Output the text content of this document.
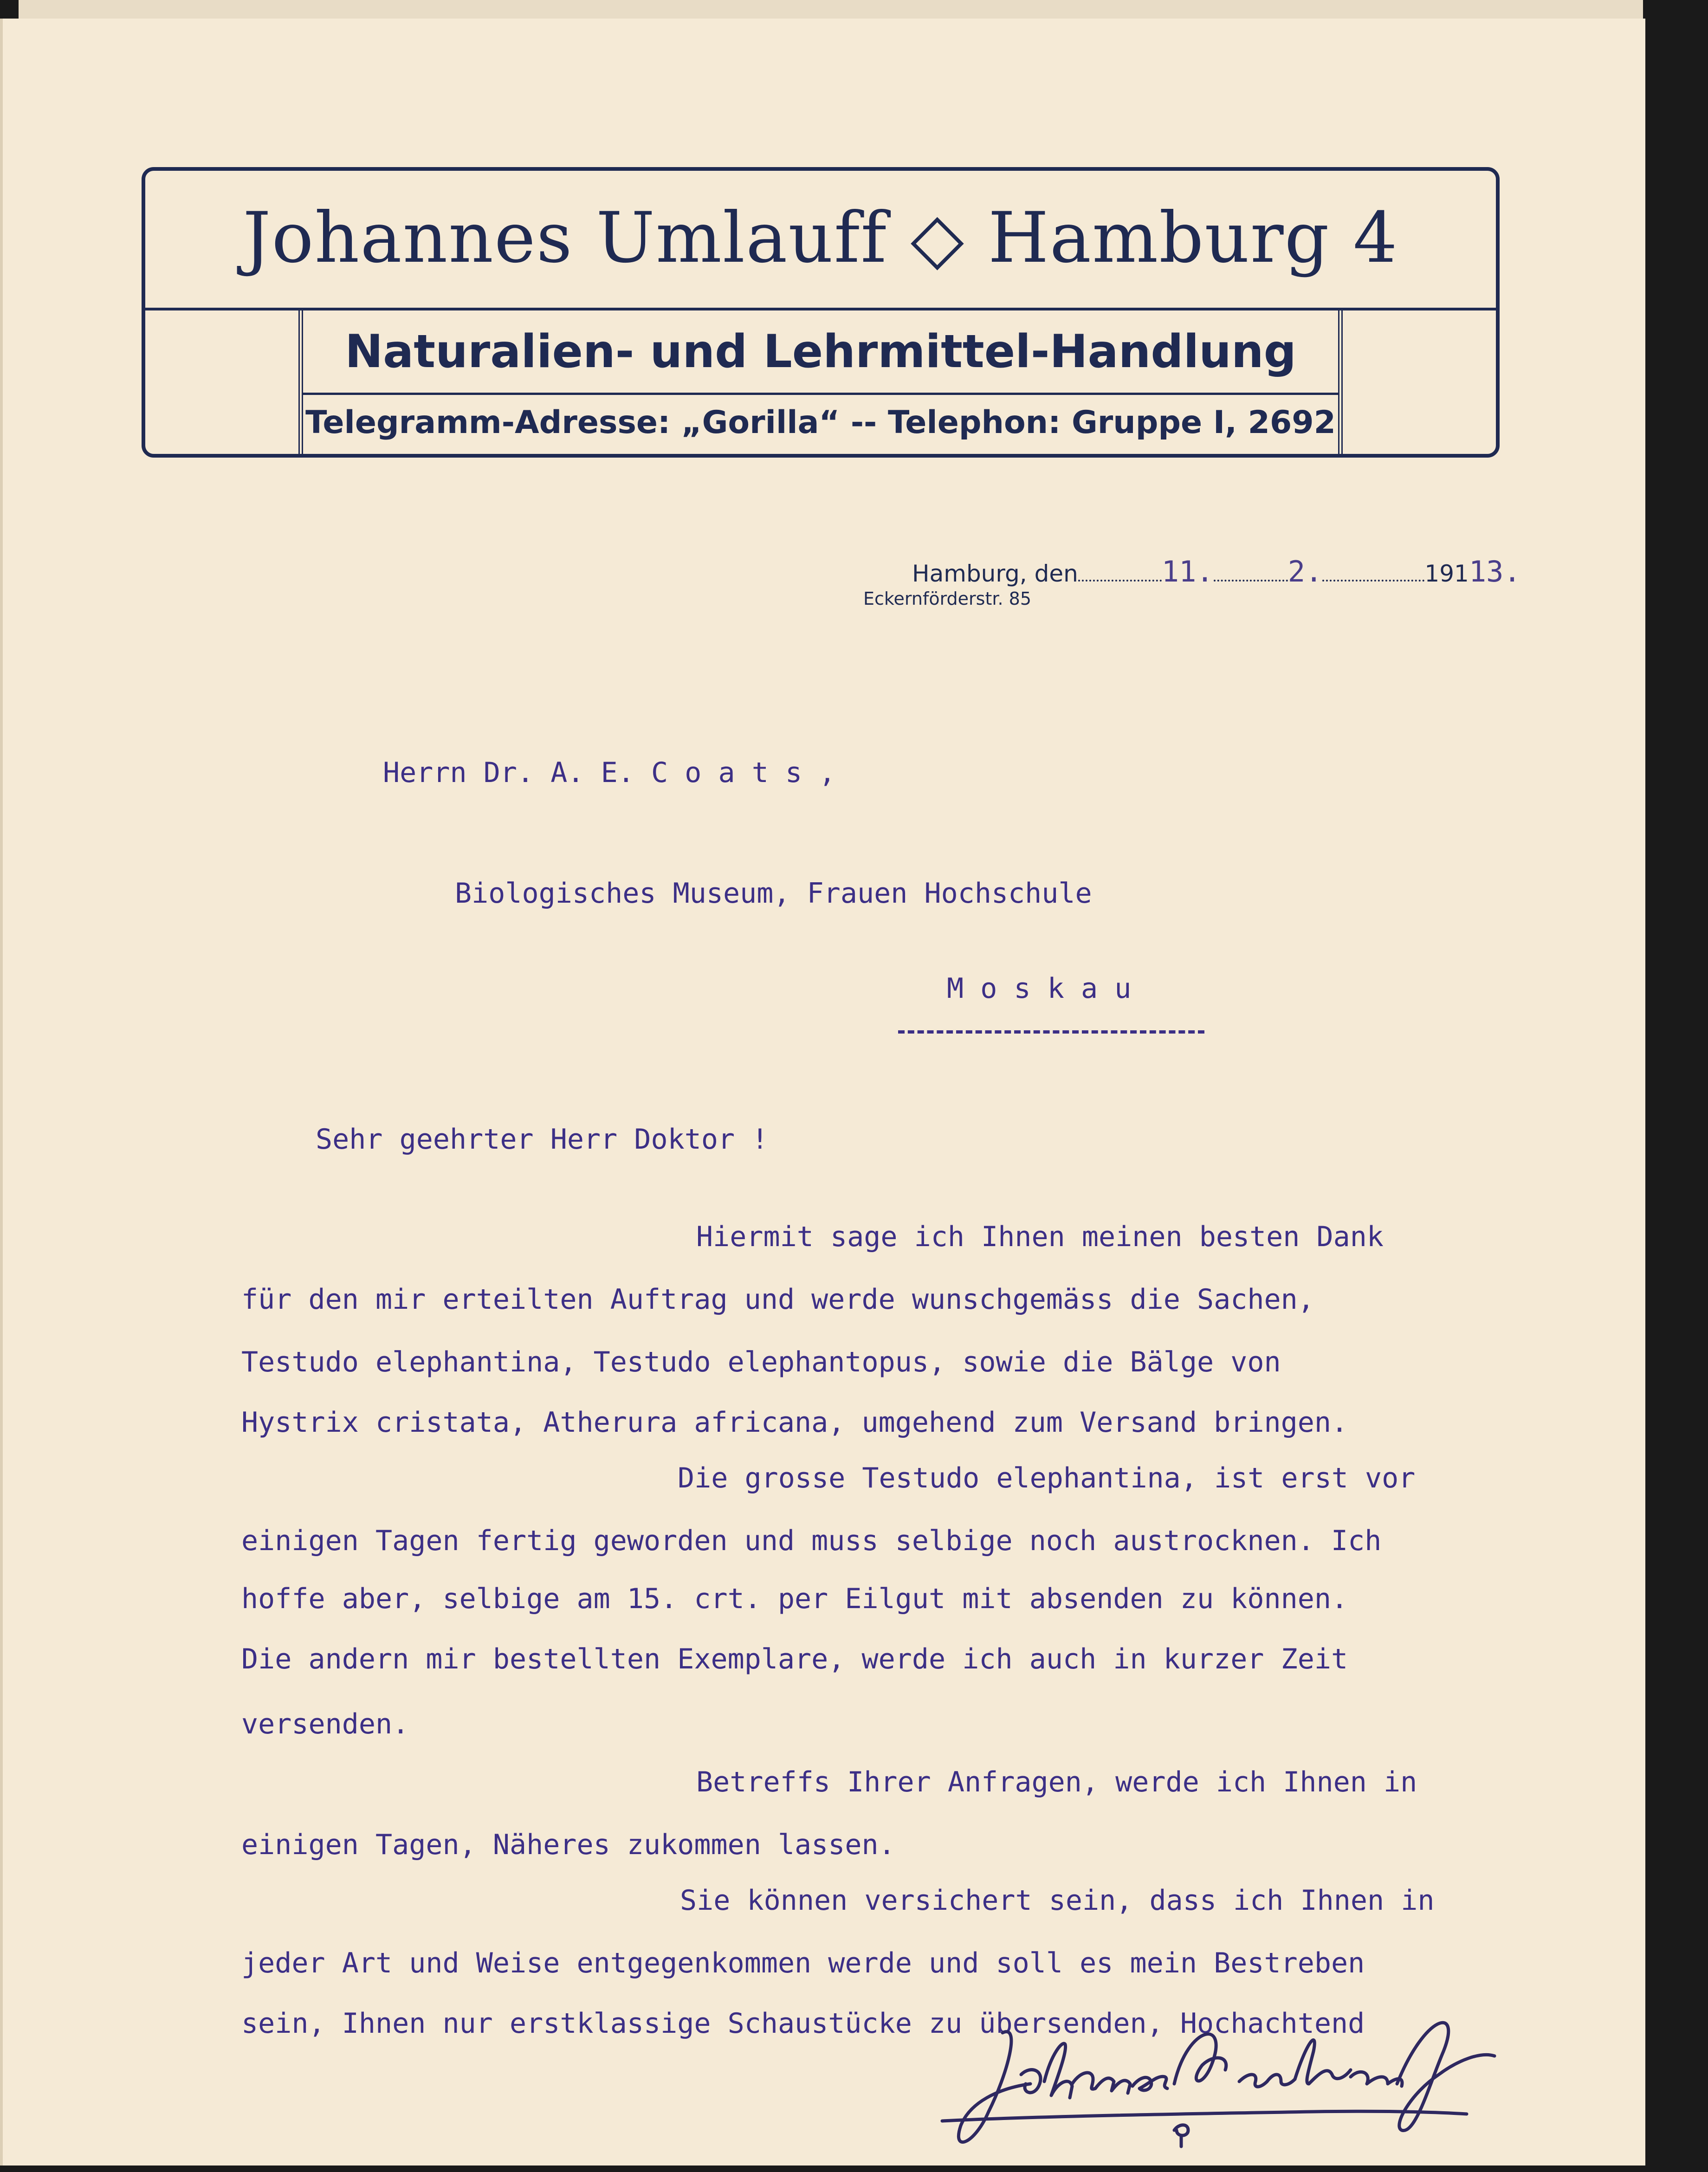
Johannes Umlauff ◇ Hamburg 4
Naturalien- und Lehrmittel-Handlung
Telegramm-Adresse: „Gorilla“ -- Telephon: Gruppe I, 2692
Hamburg, den	11.	2.	19113.
Eckernförderstr. 85
Herrn Dr. A. E. C o a t s ,
Biologisches Museum, Frauen Hochschule
M o s k a u
Sehr geehrter Herr Doktor !
Hiermit sage ich Ihnen meinen besten Dank
für den mir erteilten Auftrag und werde wunschgemäss die Sachen,
Testudo elephantina, Testudo elephantopus, sowie die Bälge von
Hystrix cristata, Atherura africana, umgehend zum Versand bringen.
Die grosse Testudo elephantina, ist erst vor
einigen Tagen fertig geworden und muss selbige noch austrocknen. Ich
hoffe aber, selbige am 15. crt. per Eilgut mit absenden zu können.
Die andern mir bestellten Exemplare, werde ich auch in kurzer Zeit
versenden.
Betreffs Ihrer Anfragen, werde ich Ihnen in
einigen Tagen, Näheres zukommen lassen.
Sie können versichert sein, dass ich Ihnen in
jeder Art und Weise entgegenkommen werde und soll es mein Bestreben
sein, Ihnen nur erstklassige Schaustücke zu übersenden, Hochachtend
